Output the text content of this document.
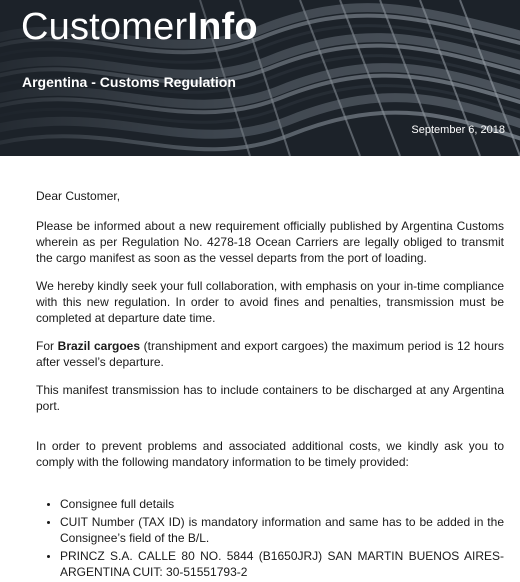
CustomerInfo
Argentina - Customs Regulation
September 6, 2018

Dear Customer,

Please be informed about a new requirement officially published by Argentina Customs wherein as per Regulation No. 4278-18 Ocean Carriers are legally obliged to transmit the cargo manifest as soon as the vessel departs from the port of loading.

We hereby kindly seek your full collaboration, with emphasis on your in-time compliance with this new regulation. In order to avoid fines and penalties, transmission must be completed at departure date time.

For Brazil cargoes (transhipment and export cargoes) the maximum period is 12 hours after vessel’s departure.

This manifest transmission has to include containers to be discharged at any Argentina port.

In order to prevent problems and associated additional costs, we kindly ask you to comply with the following mandatory information to be timely provided:

• Consignee full details
• CUIT Number (TAX ID) is mandatory information and same has to be added in the Consignee’s field of the B/L.
• PRINCZ S.A. CALLE 80 NO. 5844 (B1650JRJ) SAN MARTIN BUENOS AIRES-ARGENTINA CUIT: 30-51551793-2
